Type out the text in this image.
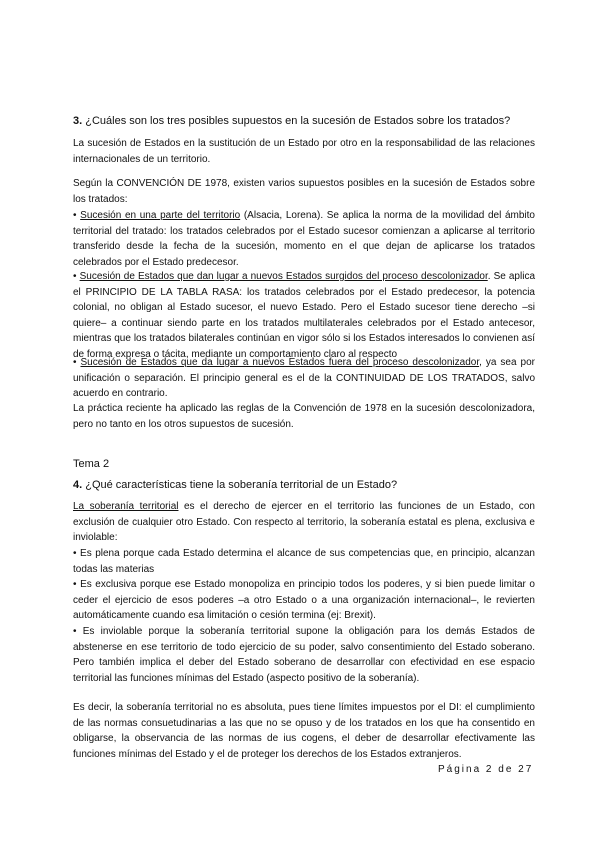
3. ¿Cuáles son los tres posibles supuestos en la sucesión de Estados sobre los tratados?
La sucesión de Estados en la sustitución de un Estado por otro en la responsabilidad de las relaciones internacionales de un territorio.
Según la CONVENCIÓN DE 1978, existen varios supuestos posibles en la sucesión de Estados sobre los tratados:
• Sucesión en una parte del territorio (Alsacia, Lorena). Se aplica la norma de la movilidad del ámbito territorial del tratado: los tratados celebrados por el Estado sucesor comienzan a aplicarse al territorio transferido desde la fecha de la sucesión, momento en el que dejan de aplicarse los tratados celebrados por el Estado predecesor.
• Sucesión de Estados que dan lugar a nuevos Estados surgidos del proceso descolonizador. Se aplica el PRINCIPIO DE LA TABLA RASA: los tratados celebrados por el Estado predecesor, la potencia colonial, no obligan al Estado sucesor, el nuevo Estado. Pero el Estado sucesor tiene derecho –si quiere– a continuar siendo parte en los tratados multilaterales celebrados por el Estado antecesor, mientras que los tratados bilaterales continúan en vigor sólo si los Estados interesados lo convienen así de forma expresa o tácita, mediante un comportamiento claro al respecto
• Sucesión de Estados que da lugar a nuevos Estados fuera del proceso descolonizador, ya sea por unificación o separación. El principio general es el de la CONTINUIDAD DE LOS TRATADOS, salvo acuerdo en contrario.
La práctica reciente ha aplicado las reglas de la Convención de 1978 en la sucesión descolonizadora, pero no tanto en los otros supuestos de sucesión.
Tema 2
4. ¿Qué características tiene la soberanía territorial de un Estado?
La soberanía territorial es el derecho de ejercer en el territorio las funciones de un Estado, con exclusión de cualquier otro Estado. Con respecto al territorio, la soberanía estatal es plena, exclusiva e inviolable:
• Es plena porque cada Estado determina el alcance de sus competencias que, en principio, alcanzan todas las materias
• Es exclusiva porque ese Estado monopoliza en principio todos los poderes, y si bien puede limitar o ceder el ejercicio de esos poderes –a otro Estado o a una organización internacional–, le revierten automáticamente cuando esa limitación o cesión termina (ej: Brexit).
• Es inviolable porque la soberanía territorial supone la obligación para los demás Estados de abstenerse en ese territorio de todo ejercicio de su poder, salvo consentimiento del Estado soberano. Pero también implica el deber del Estado soberano de desarrollar con efectividad en ese espacio territorial las funciones mínimas del Estado (aspecto positivo de la soberanía).
Es decir, la soberanía territorial no es absoluta, pues tiene límites impuestos por el DI: el cumplimiento de las normas consuetudinarias a las que no se opuso y de los tratados en los que ha consentido en obligarse, la observancia de las normas de ius cogens, el deber de desarrollar efectivamente las funciones mínimas del Estado y el de proteger los derechos de los Estados extranjeros.
Página 2 de 27
